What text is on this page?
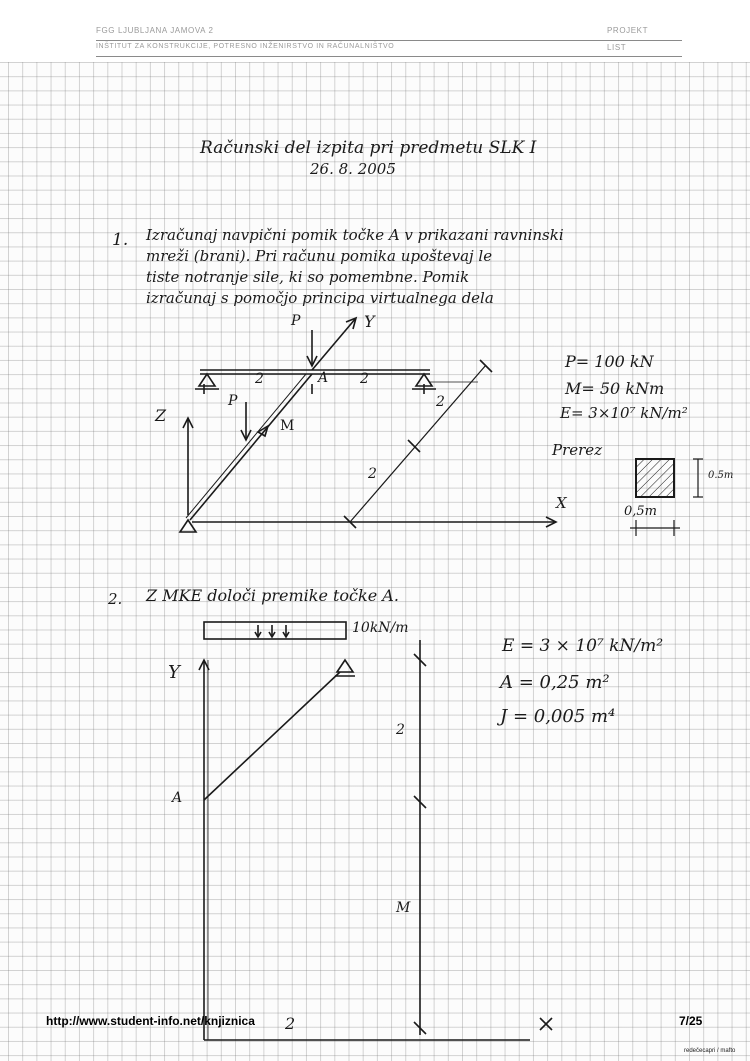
FGG LJUBLJANA JAMOVA 2
INŠTITUT ZA KONSTRUKCIJE, POTRESNO INŽENIRSTVO IN RAČUNALNIŠTVO
PROJEKT
LIST
Računski del izpita pri predmetu SLK I
26. 8. 2005
1. Izračunaj navpični pomik točke A v prikazani ravninski
mreži (brani). Pri računu pomika upoštevaj le
tiste notranje sile, ki so pomembne. Pomik
izračunaj s pomočjo principa virtualnega dela
P	Y
A
2	2
2
2
Z
P
M
X
P= 100 kN
M= 50 kNm
E= 3×10⁷ kN/m²
Prerez
0.5m
0,5m
2. Z MKE določi premike točke A.
10kN/m
Y
A
2
M
2
E = 3 × 10⁷ kN/m²
A = 0,25 m²
J = 0,005 m⁴
http://www.student-info.net/knjiznica	7/25
redečecapri / mafto
